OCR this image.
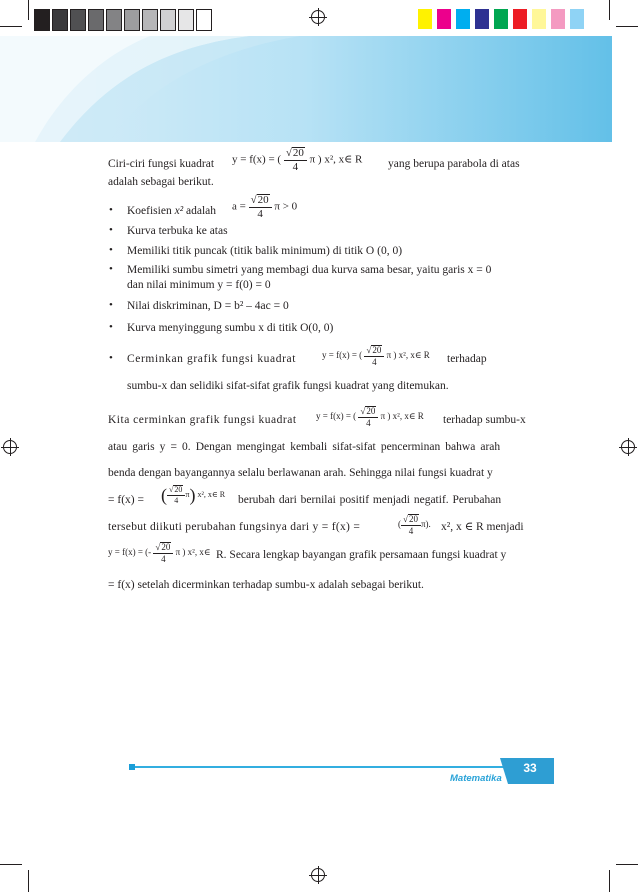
Ciri-ciri fungsi kuadrat y = f(x) = ( $\frac{√20}{4}$ π ) x², x∈ R yang berupa parabola di atas
adalah sebagai berikut.
• Koefisien x² adalah $a = \frac{√20}{4}$ π > 0
• Kurva terbuka ke atas
• Memiliki titik puncak (titik balik minimum) di titik O (0, 0)
• Memiliki sumbu simetri yang membagi dua kurva sama besar, yaitu garis x = 0
dan nilai minimum y = f(0) = 0
• Nilai diskriminan, D = b² – 4ac = 0
• Kurva menyinggung sumbu x di titik O(0, 0)
• Cerminkan grafik fungsi kuadrat	y = f(x) = ( $\frac{√20}{4}$ π ) x², x∈ R terhadap
sumbu-x dan selidiki sifat-sifat grafik fungsi kuadrat yang ditemukan.
Kita cerminkan grafik fungsi kuadrat y = f(x) = ( $\frac{√20}{4}$ π ) x², x∈ R terhadap sumbu-x
atau garis y = 0. Dengan mengingat kembali sifat-sifat pencerminan bahwa arah
benda dengan bayangannya selalu berlawanan arah. Sehingga nilai fungsi kuadrat y
= f(x) = ( $\frac{√20}{4} \pi$) x², x∈ R berubah dari bernilai positif menjadi negatif. Perubahan
tersebut diikuti perubahan fungsinya dari y = f(x) =	( $\frac{√20}{4} \pi$). x², x ∈ R menjadi
y = f(x) = (- $\frac{√20}{4}$ π ) x², x∈ R. Secara lengkap bayangan grafik persamaan fungsi kuadrat y
= f(x) setelah dicerminkan terhadap sumbu-x adalah sebagai berikut.
Matematika
33
